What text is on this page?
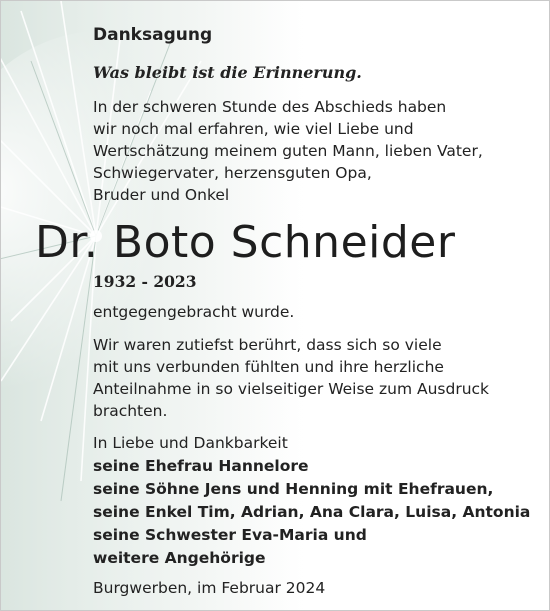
Danksagung
Was bleibt ist die Erinnerung.
In der schweren Stunde des Abschieds haben
wir noch mal erfahren, wie viel Liebe und
Wertschätzung meinem guten Mann, lieben Vater,
Schwiegervater, herzensguten Opa,
Bruder und Onkel
Dr. Boto Schneider
1932 - 2023
entgegengebracht wurde.
Wir waren zutiefst berührt, dass sich so viele
mit uns verbunden fühlten und ihre herzliche
Anteilnahme in so vielseitiger Weise zum Ausdruck
brachten.
In Liebe und Dankbarkeit
seine Ehefrau Hannelore
seine Söhne Jens und Henning mit Ehefrauen,
seine Enkel Tim, Adrian, Ana Clara, Luisa, Antonia
seine Schwester Eva-Maria und
weitere Angehörige
Burgwerben, im Februar 2024
